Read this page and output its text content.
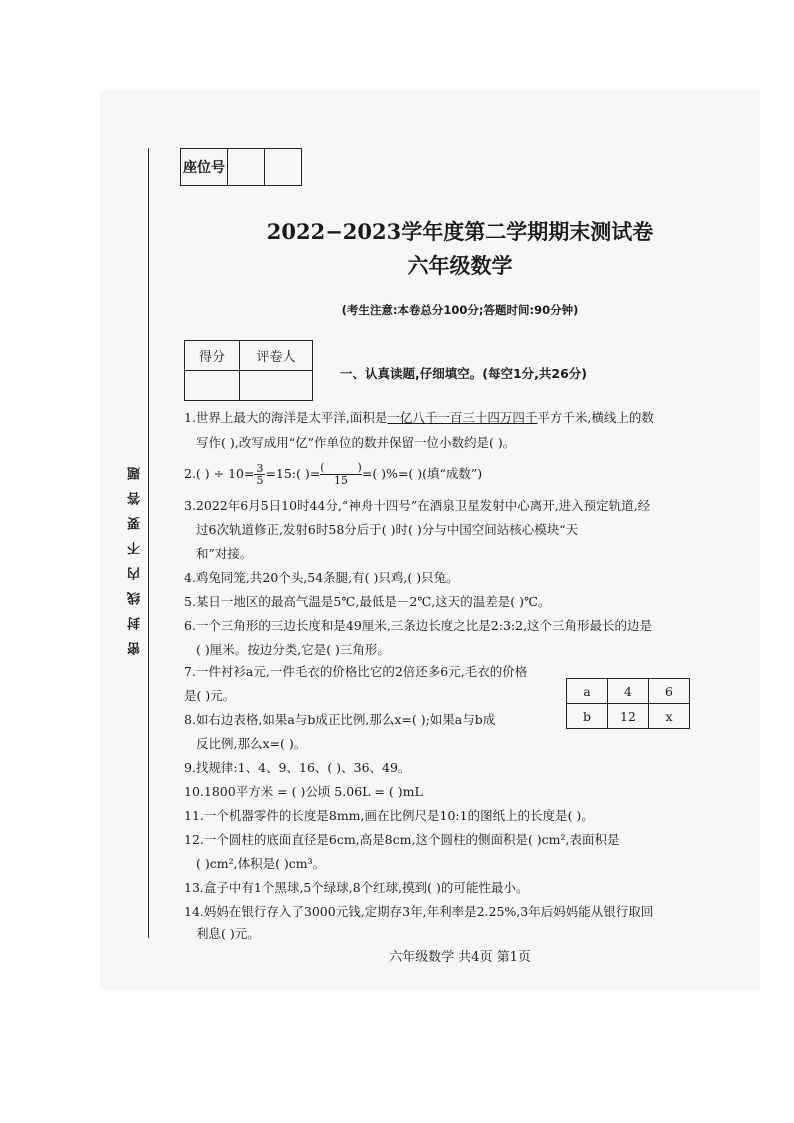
密封线内不要答题
座位号		
2022−2023学年度第二学期期末测试卷
六年级数学
(考生注意:本卷总分100分;答题时间:90分钟)
得分	评卷人

一、认真读题,仔细填空。(每空1分,共26分)
1.世界上最大的海洋是太平洋,面积是一亿八千一百三十四万四千平方千米,横线上的数
写作( ),改写成用“亿”作单位的数并保留一位小数约是( )。
2.( ) ÷ $10= \frac{3}{5}$ =15:( )= (   )
15	=( )%=( )(填“成数”)
3.2022年6月5日10时44分,“神舟十四号”在酒泉卫星发射中心离开,进入预定轨道,经
过6次轨道修正,发射6时58分后于( )时( )分与中国空间站核心模块“天
和”对接。
4.鸡兔同笼,共20个头,54条腿,有( )只鸡,( )只兔。
5.某日一地区的最高气温是5℃,最低是－2℃,这天的温差是( )℃。
6.一个三角形的三边长度和是49厘米,三条边长度之比是2:3:2,这个三角形最长的边是
( )厘米。按边分类,它是( )三角形。
7.一件衬衫a元,一件毛衣的价格比它的2倍还多6元,毛衣的价格
是( )元。	a	4	6
b	12	x
8.如右边表格,如果a与b成正比例,那么x=( );如果a与b成
反比例,那么x=( )。
9.找规律:1、4、9、16、( )、36、49。
10.1800平方米 = ( )公顷 5.06L = ( )mL
11.一个机器零件的长度是8mm,画在比例尺是10:1的图纸上的长度是( )。
12.一个圆柱的底面直径是6cm,高是8cm,这个圆柱的侧面积是( )cm²,表面积是
( )cm²,体积是( )cm³。
13.盒子中有1个黑球,5个绿球,8个红球,摸到( )的可能性最小。
14.妈妈在银行存入了3000元钱,定期存3年,年利率是2.25%,3年后妈妈能从银行取回
利息( )元。
六年级数学 共4页 第1页
